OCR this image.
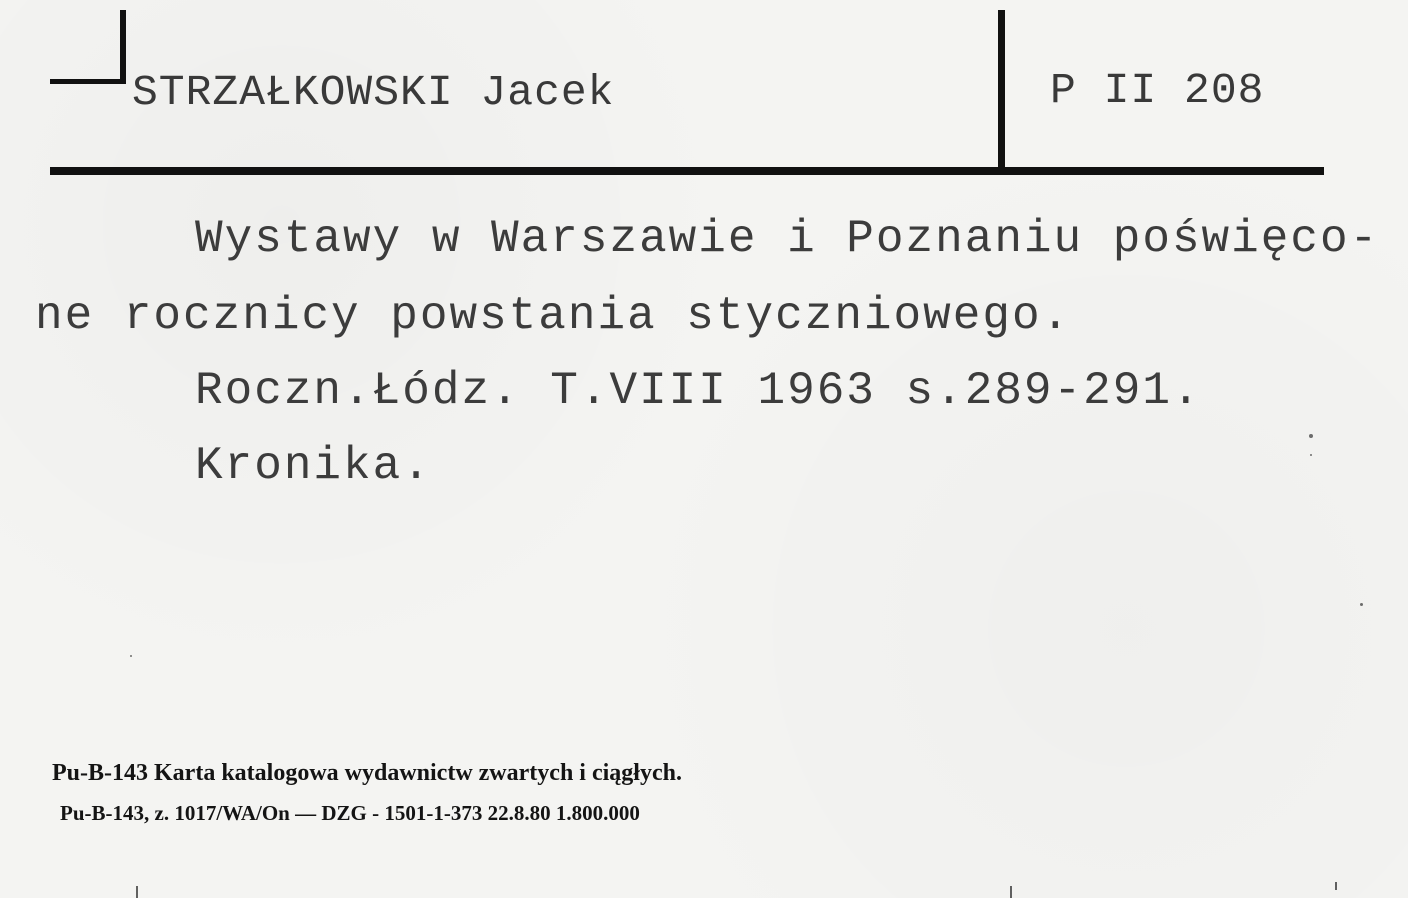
STRZAŁKOWSKI Jacek	P II 208
Wystawy w Warszawie i Poznaniu poświęco-
ne rocznicy powstania styczniowego.
Roczn.Łódz. T.VIII 1963 s.289-291.
Kronika.
Pu-B-143 Karta katalogowa wydawnictw zwartych i ciągłych.
Pu-B-143, z. 1017/WA/On — DZG - 1501-1-373 22.8.80 1.800.000
